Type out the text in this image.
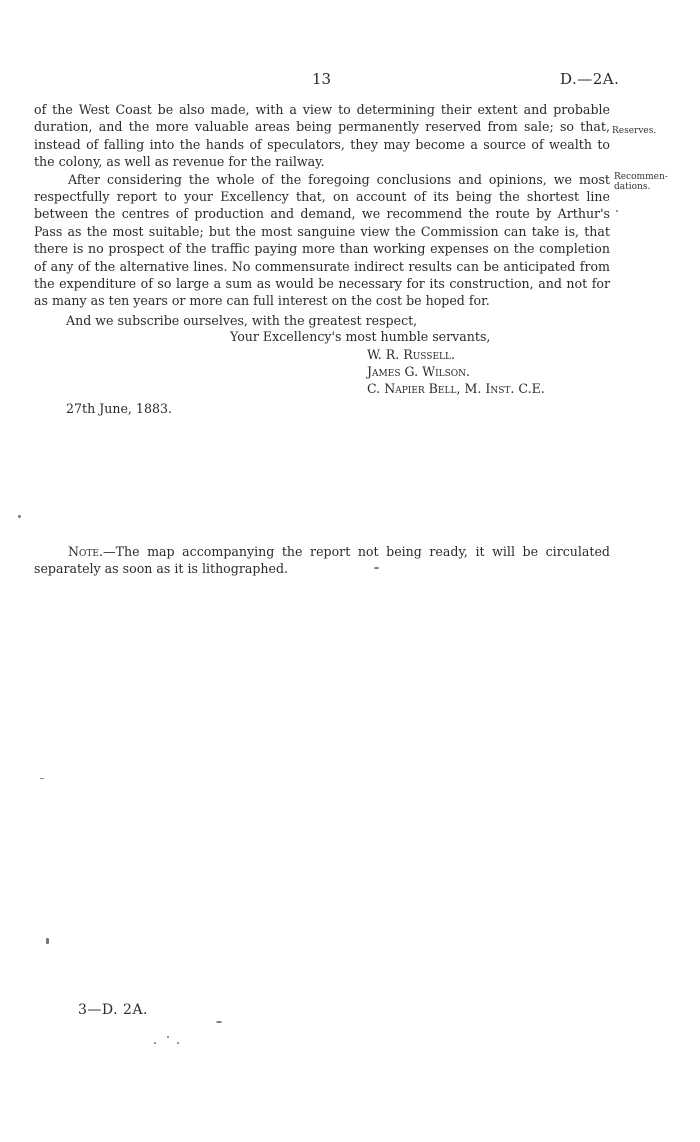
13	D.—2A.

of the West Coast be also made, with a view to determining their extent and probable duration, and the more valuable areas being permanently reserved from sale; so that, instead of falling into the hands of speculators, they may become a source of wealth to the colony, as well as revenue for the railway.

After considering the whole of the foregoing conclusions and opinions, we most respectfully report to your Excellency that, on account of its being the shortest line between the centres of production and demand, we recommend the route by Arthur's Pass as the most suitable; but the most sanguine view the Commission can take is, that there is no prospect of the traffic paying more than working expenses on the completion of any of the alternative lines. No commensurate indirect results can be anticipated from the expenditure of so large a sum as would be necessary for its construction, and not for as many as ten years or more can full interest on the cost be hoped for.

Reserves.
Recommen-
dations.
And we subscribe ourselves, with the greatest respect,
Your Excellency's most humble servants,
W. R. Russell.
James G. Wilson.
C. Napier Bell, M. Inst. C.E.
27th June, 1883.
Note.—The map accompanying the report not being ready, it will be circulated separately as soon as it is lithographed.
3—D. 2A.
